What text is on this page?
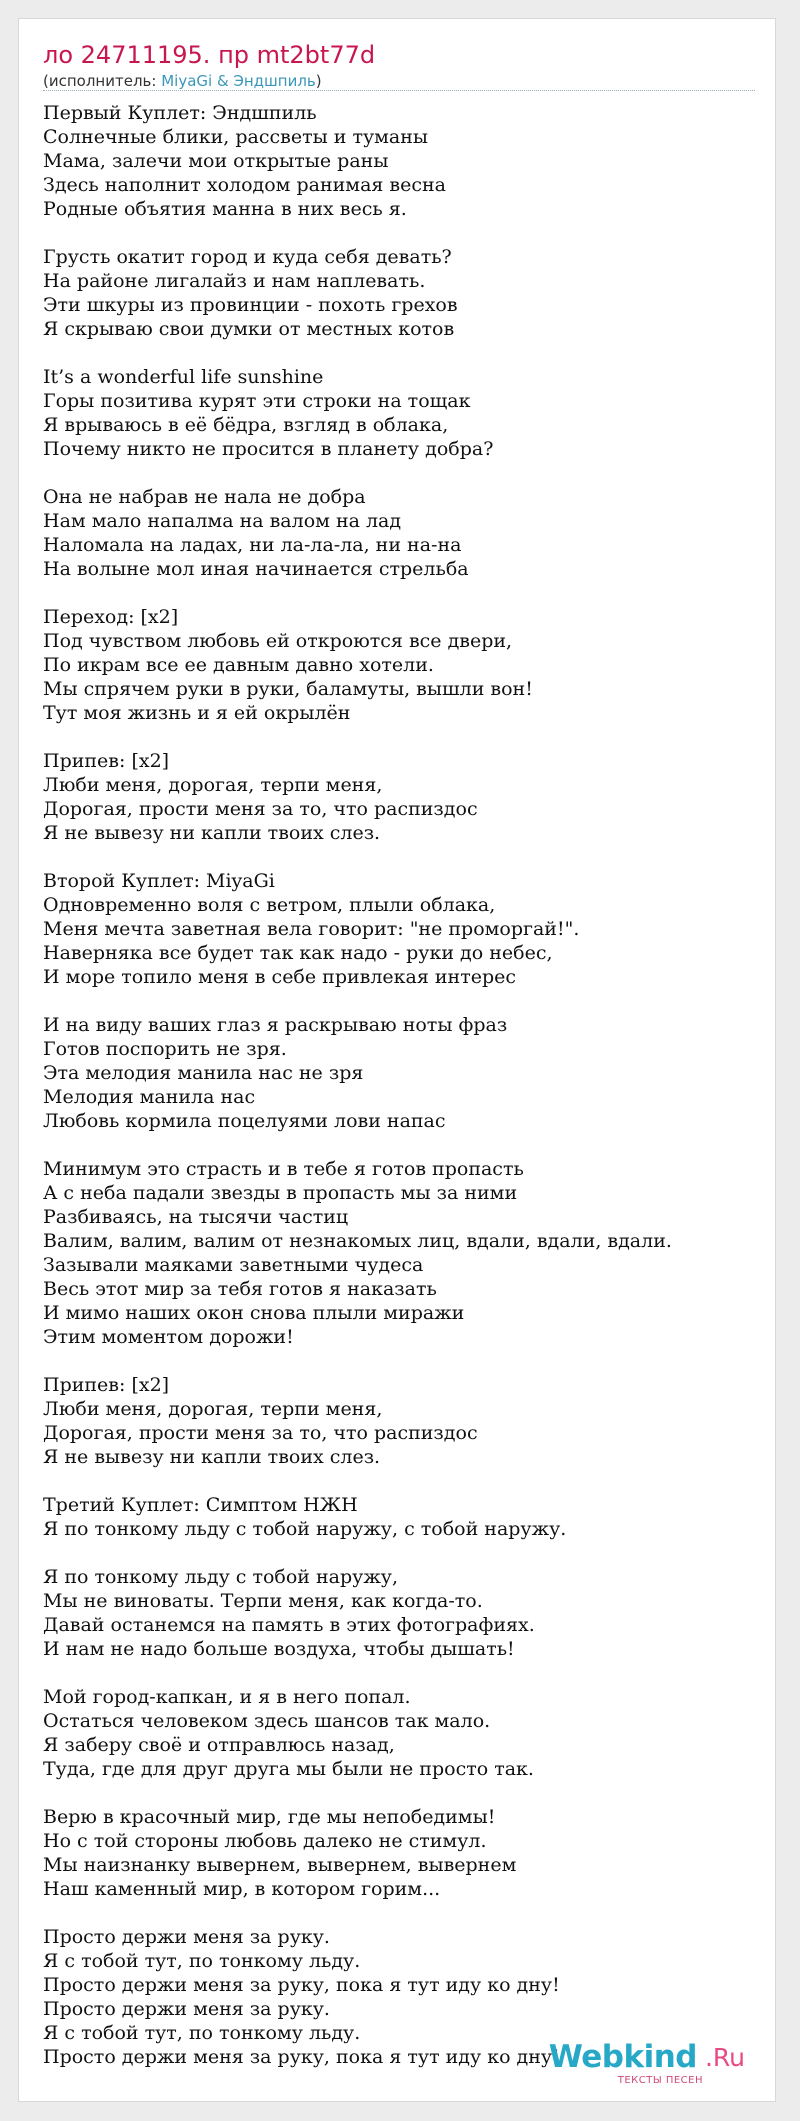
ло 24711195. пр mt2bt77d
(исполнитель: MiyaGi & Эндшпиль)
Первый Куплет: Эндшпиль
Солнечные блики, рассветы и туманы
Мама, залечи мои открытые раны
Здесь наполнит холодом ранимая весна
Родные объятия манна в них весь я.
Грусть окатит город и куда себя девать?
На районе лигалайз и нам наплевать.
Эти шкуры из провинции - похоть грехов
Я скрываю свои думки от местных котов
It’s a wonderful life sunshine
Горы позитива курят эти строки на тощак
Я врываюсь в её бёдра, взгляд в облака,
Почему никто не просится в планету добра?
Она не набрав не нала не добра
Нам мало напалма на валом на лад
Наломала на ладах, ни ла-ла-ла, ни на-на
На волыне мол иная начинается стрельба
Переход: [x2]
Под чувством любовь ей откроются все двери,
По икрам все ее давным давно хотели.
Мы спрячем руки в руки, баламуты, вышли вон!
Тут моя жизнь и я ей окрылён
Припев: [x2]
Люби меня, дорогая, терпи меня,
Дорогая, прости меня за то, что распиздос
Я не вывезу ни капли твоих слез.
Второй Куплет: MiyaGi
Одновременно воля с ветром, плыли облака,
Меня мечта заветная вела говорит: "не проморгай!".
Наверняка все будет так как надо - руки до небес,
И море топило меня в себе привлекая интерес
И на виду ваших глаз я раскрываю ноты фраз
Готов поспорить не зря.
Эта мелодия манила нас не зря
Мелодия манила нас
Любовь кормила поцелуями лови напас
Минимум это страсть и в тебе я готов пропасть
А с неба падали звезды в пропасть мы за ними
Разбиваясь, на тысячи частиц
Валим, валим, валим от незнакомых лиц, вдали, вдали, вдали.
Зазывали маяками заветными чудеса
Весь этот мир за тебя готов я наказать
И мимо наших окон снова плыли миражи
Этим моментом дорожи!
Припев: [x2]
Люби меня, дорогая, терпи меня,
Дорогая, прости меня за то, что распиздос
Я не вывезу ни капли твоих слез.
Третий Куплет: Симптом НЖН
Я по тонкому льду с тобой наружу, с тобой наружу.
Я по тонкому льду с тобой наружу,
Мы не виноваты. Терпи меня, как когда-то.
Давай останемся на память в этих фотографиях.
И нам не надо больше воздуха, чтобы дышать!
Мой город-капкан, и я в него попал.
Остаться человеком здесь шансов так мало.
Я заберу своё и отправлюсь назад,
Туда, где для друг друга мы были не просто так.
Верю в красочный мир, где мы непобедимы!
Но с той стороны любовь далеко не стимул.
Мы наизнанку вывернем, вывернем, вывернем
Наш каменный мир, в котором горим...
Просто держи меня за руку.
Я с тобой тут, по тонкому льду.
Просто держи меня за руку, пока я тут иду ко дну!
Просто держи меня за руку.
Я с тобой тут, по тонкому льду.
Просто держи меня за руку, пока я тут иду ко дну!
Webkind .Ru
ТЕКСТЫ ПЕСЕН
